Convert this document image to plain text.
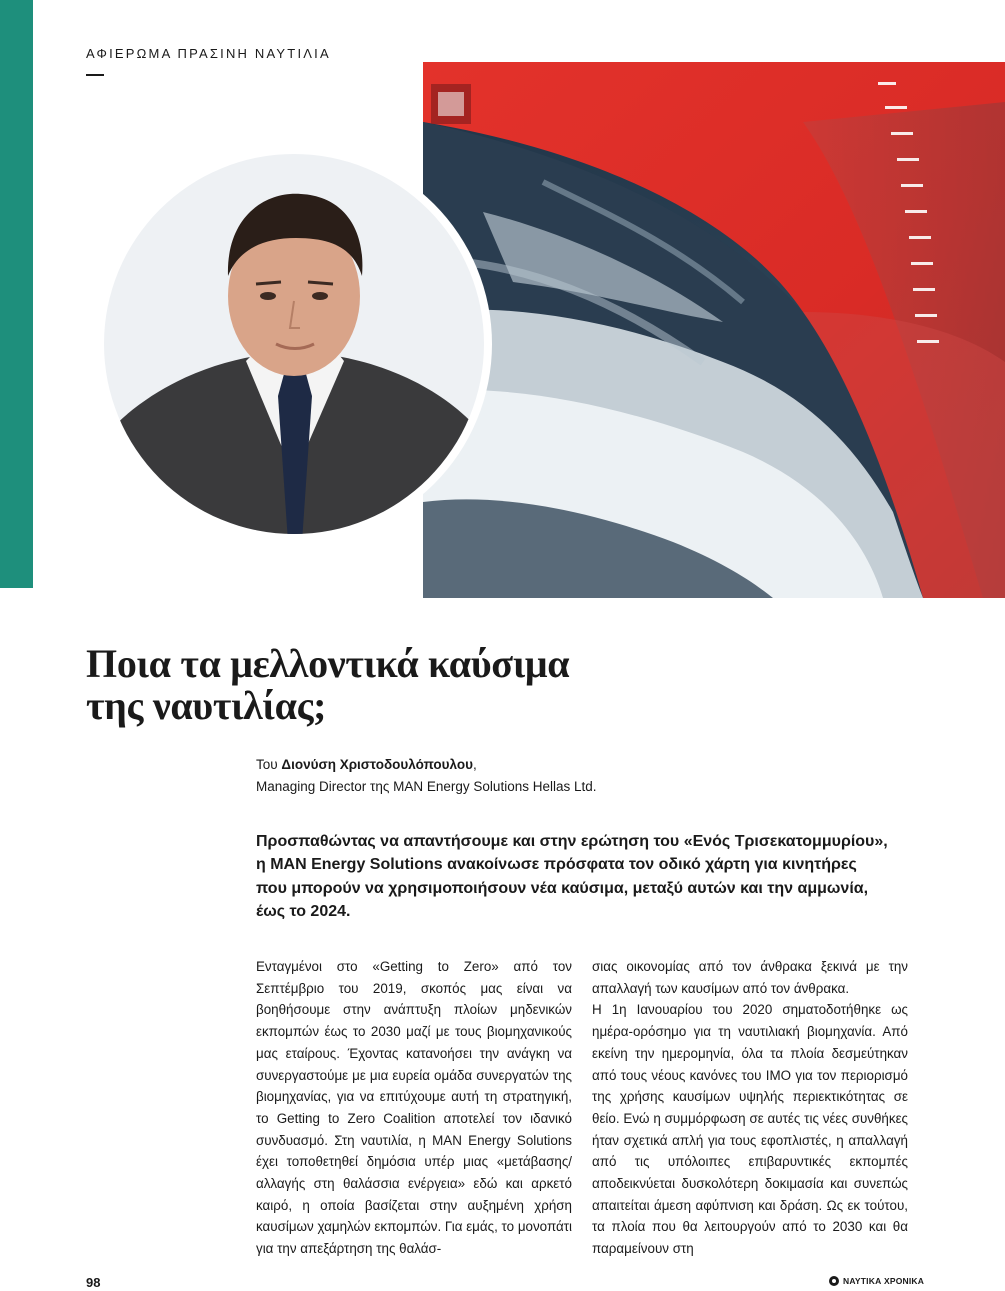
ΑΦΙΕΡΩΜΑ ΠΡΑΣΙΝΗ ΝΑΥΤΙΛΙΑ
Ποια τα μελλοντικά καύσιμα
της ναυτιλίας;
Του Διονύση Χριστοδουλόπουλου,
Managing Director της MAN Energy Solutions Hellas Ltd.

Προσπαθώντας να απαντήσουμε και στην ερώτηση του «Ενός Τρισεκατομμυρίου»,
η MAN Energy Solutions ανακοίνωσε πρόσφατα τον οδικό χάρτη για κινητήρες
που μπορούν να χρησιμοποιήσουν νέα καύσιμα, μεταξύ αυτών και την αμμωνία,
έως το 2024.

Ενταγμένοι στο «Getting to Zero» από τον Σεπτέμβριο του 2019, σκοπός μας είναι να βοηθήσουμε στην ανάπτυξη πλοίων μηδενικών εκπομπών έως το 2030 μαζί με τους βιομηχανικούς μας εταίρους. Έχοντας κατανοήσει την ανάγκη να συνεργαστούμε με μια ευρεία ομάδα συνεργατών της βιομηχανίας, για να επιτύχουμε αυτή τη στρατηγική, το Getting to Zero Coalition αποτελεί τον ιδανικό συνδυασμό. Στη ναυτιλία, η MAN Energy Solutions έχει τοποθετηθεί δημόσια υπέρ μιας «μετάβασης/αλλαγής στη θαλάσσια ενέργεια» εδώ και αρκετό καιρό, η οποία βασίζεται στην αυξημένη χρήση καυσίμων χαμηλών εκπομπών. Για εμάς, το μονοπάτι για την απεξάρτηση της θαλάσ-

σιας οικονομίας από τον άνθρακα ξεκινά με την απαλλαγή των καυσίμων από τον άνθρακα.

Η 1η Ιανουαρίου του 2020 σηματοδοτήθηκε ως ημέρα-ορόσημο για τη ναυτιλιακή βιομηχανία. Από εκείνη την ημερομηνία, όλα τα πλοία δεσμεύτηκαν από τους νέους κανόνες του ΙΜΟ για τον περιορισμό της χρήσης καυσίμων υψηλής περιεκτικότητας σε θείο. Ενώ η συμμόρφωση σε αυτές τις νέες συνθήκες ήταν σχετικά απλή για τους εφοπλιστές, η απαλλαγή από τις υπόλοιπες επιβαρυντικές εκπομπές αποδεικνύεται δυσκολότερη δοκιμασία και συνεπώς απαιτείται άμεση αφύπνιση και δράση. Ως εκ τούτου, τα πλοία που θα λειτουργούν από το 2030 και θα παραμείνουν στη

98	ΝΑΥΤΙΚΑ ΧΡΟΝΙΚΑ
